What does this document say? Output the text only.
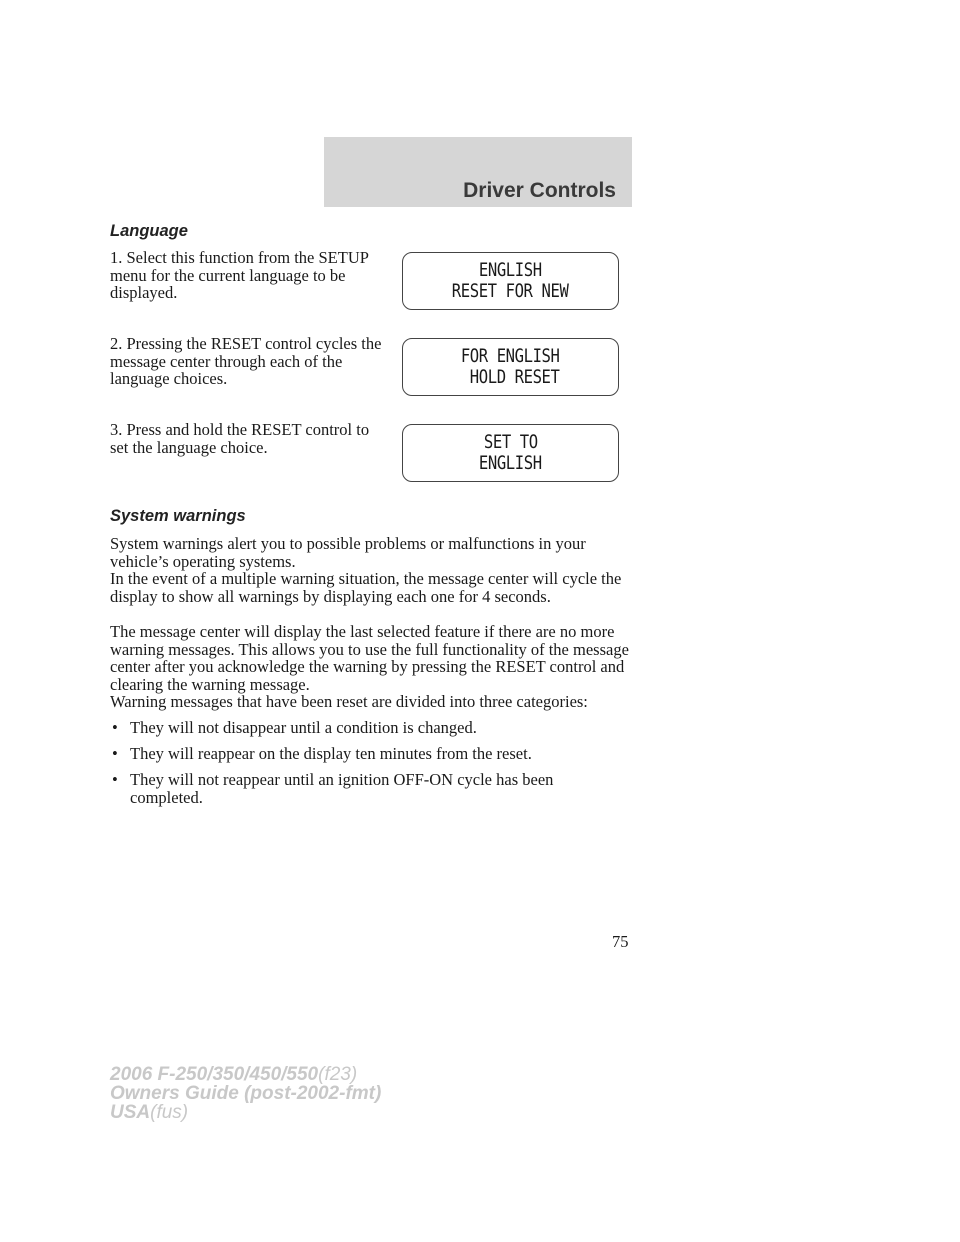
Driver Controls
Language
1. Select this function from the SETUP menu for the current language to be displayed.
ENGLISH
RESET FOR NEW
2. Pressing the RESET control cycles the message center through each of the language choices.
FOR ENGLISH
HOLD RESET
3. Press and hold the RESET control to set the language choice.	SET TO
ENGLISH
System warnings
System warnings alert you to possible problems or malfunctions in your vehicle’s operating systems.
In the event of a multiple warning situation, the message center will cycle the display to show all warnings by displaying each one for 4 seconds.
The message center will display the last selected feature if there are no more warning messages. This allows you to use the full functionality of the message center after you acknowledge the warning by pressing the RESET control and clearing the warning message.
Warning messages that have been reset are divided into three categories:
• They will not disappear until a condition is changed.
• They will reappear on the display ten minutes from the reset.
• They will not reappear until an ignition OFF-ON cycle has been completed.
75
2006 F-250/350/450/550(f23)
Owners Guide (post-2002-fmt)
USA(fus)
